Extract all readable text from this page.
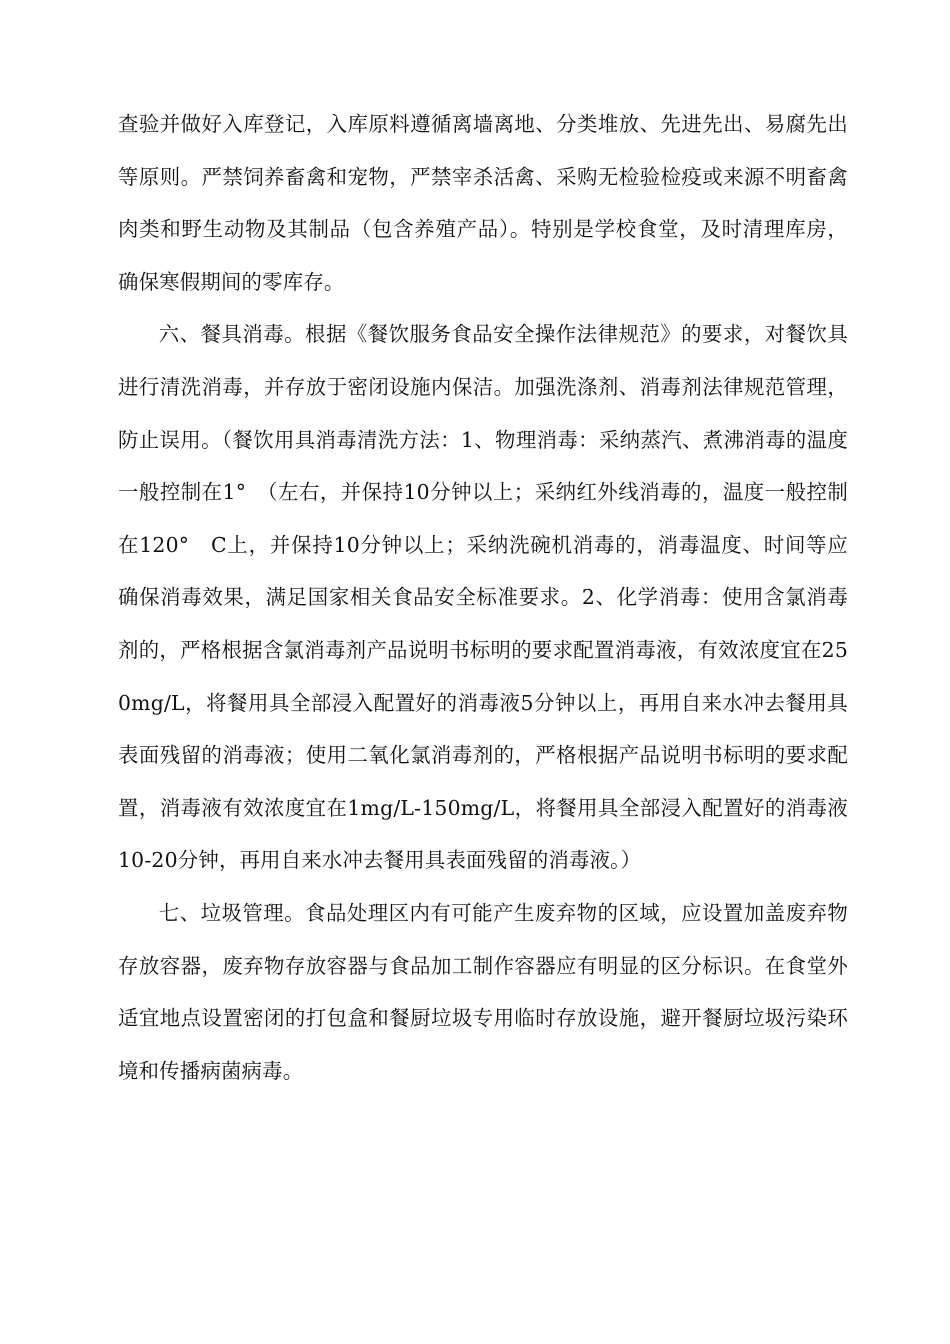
查验并做好入库登记，入库原料遵循离墙离地、分类堆放、先进先出、易腐先出等原则。严禁饲养畜禽和宠物，严禁宰杀活禽、采购无检验检疫或来源不明畜禽肉类和野生动物及其制品（包含养殖产品）。特别是学校食堂，及时清理库房，确保寒假期间的零库存。

六、餐具消毒。根据《餐饮服务食品安全操作法律规范》的要求，对餐饮具进行清洗消毒，并存放于密闭设施内保洁。加强洗涤剂、消毒剂法律规范管理，防止误用。（餐饮用具消毒清洗方法：1、物理消毒：采纳蒸汽、煮沸消毒的温度一般控制在1°　（左右，并保持10分钟以上；采纳红外线消毒的，温度一般控制在120°　C上，并保持10分钟以上；采纳洗碗机消毒的，消毒温度、时间等应确保消毒效果，满足国家相关食品安全标准要求。2、化学消毒：使用含氯消毒剂的，严格根据含氯消毒剂产品说明书标明的要求配置消毒液，有效浓度宜在250mg/L，将餐用具全部浸入配置好的消毒液5分钟以上，再用自来水冲去餐用具表面残留的消毒液；使用二氧化氯消毒剂的，严格根据产品说明书标明的要求配置，消毒液有效浓度宜在1mg/L-150mg/L，将餐用具全部浸入配置好的消毒液10-20分钟，再用自来水冲去餐用具表面残留的消毒液。）

七、垃圾管理。食品处理区内有可能产生废弃物的区域，应设置加盖废弃物存放容器，废弃物存放容器与食品加工制作容器应有明显的区分标识。在食堂外适宜地点设置密闭的打包盒和餐厨垃圾专用临时存放设施，避开餐厨垃圾污染环境和传播病菌病毒。
